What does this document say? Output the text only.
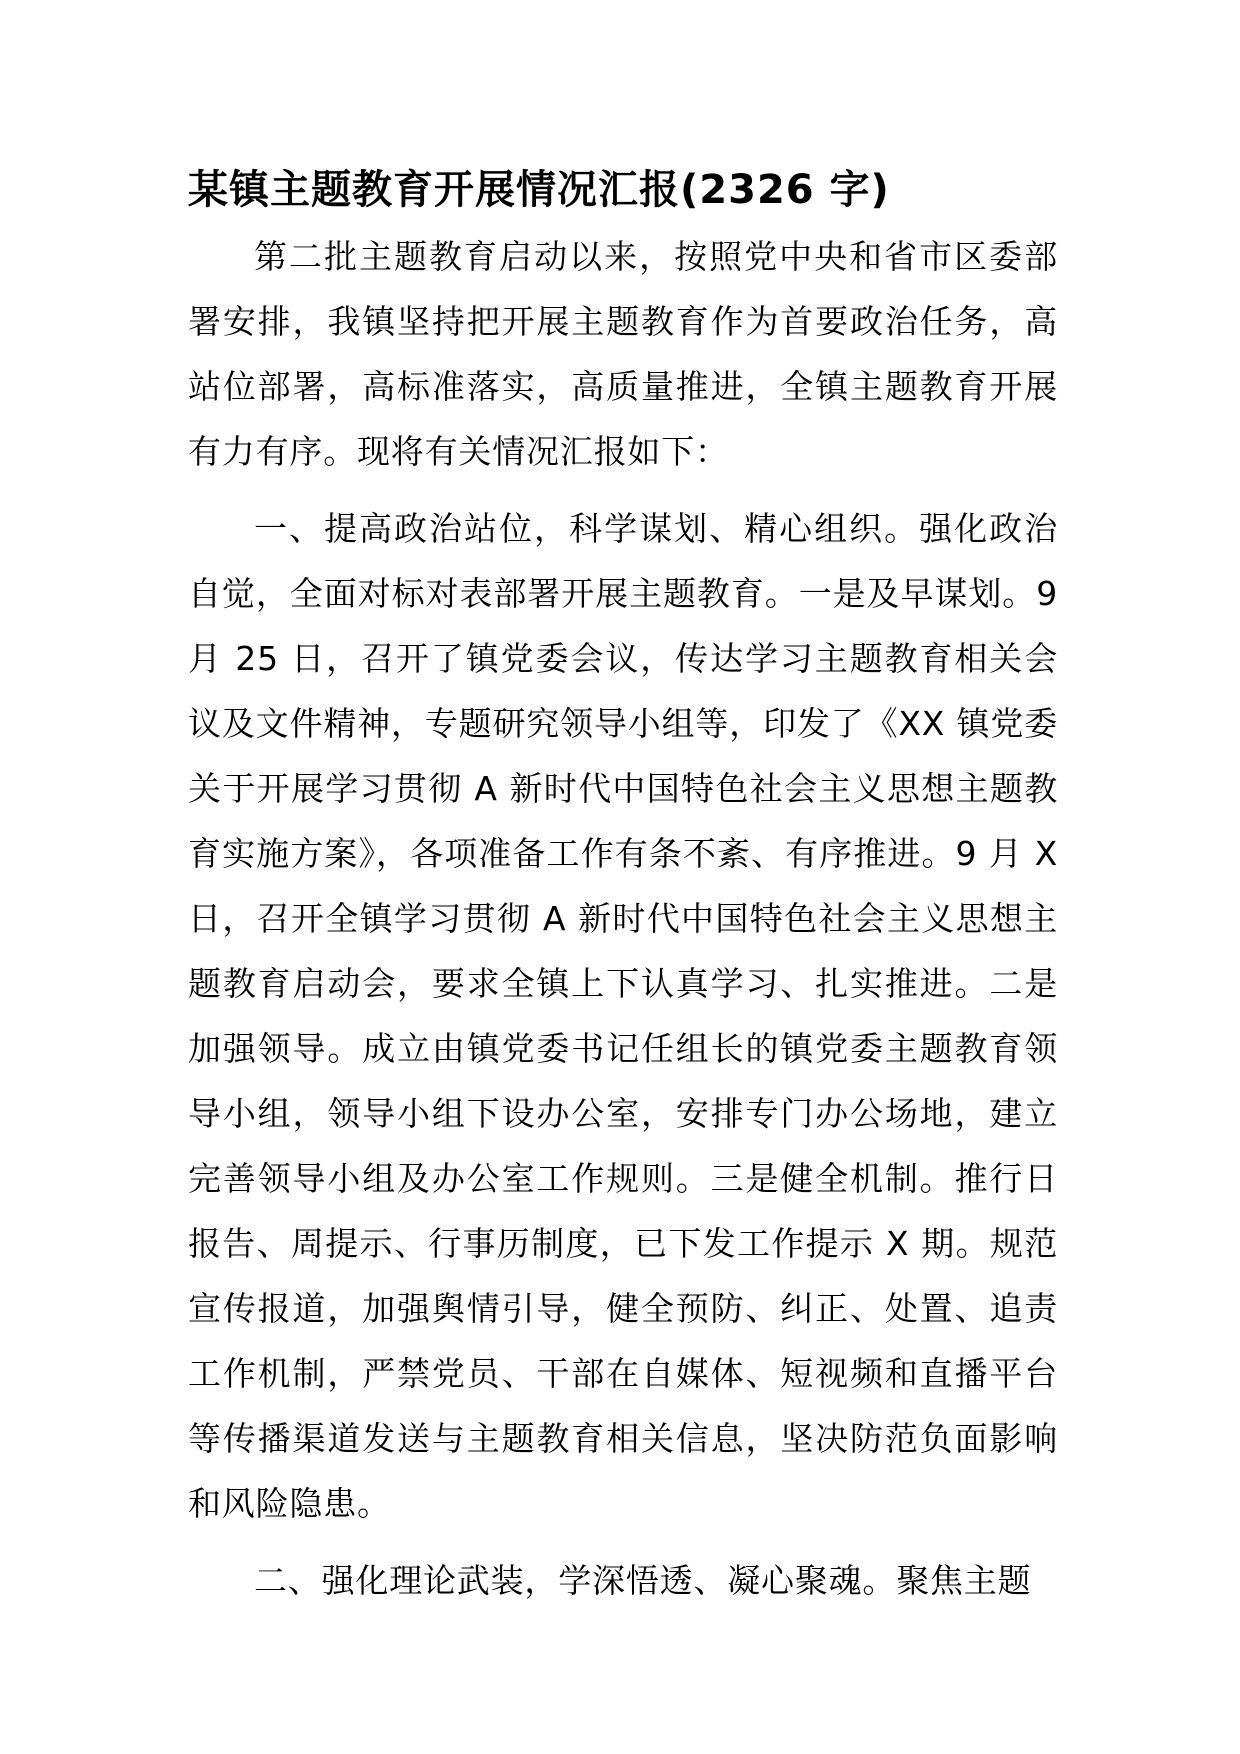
某镇主题教育开展情况汇报(2326 字)

第二批主题教育启动以来，按照党中央和省市区委部署安排，我镇坚持把开展主题教育作为首要政治任务，高站位部署，高标准落实，高质量推进，全镇主题教育开展有力有序。现将有关情况汇报如下：

一、提高政治站位，科学谋划、精心组织。强化政治自觉，全面对标对表部署开展主题教育。一是及早谋划。9月 25 日，召开了镇党委会议，传达学习主题教育相关会议及文件精神，专题研究领导小组等，印发了《XX 镇党委关于开展学习贯彻 A 新时代中国特色社会主义思想主题教育实施方案》，各项准备工作有条不紊、有序推进。9 月 X日，召开全镇学习贯彻 A 新时代中国特色社会主义思想主题教育启动会，要求全镇上下认真学习、扎实推进。二是加强领导。成立由镇党委书记任组长的镇党委主题教育领导小组，领导小组下设办公室，安排专门办公场地，建立完善领导小组及办公室工作规则。三是健全机制。推行日报告、周提示、行事历制度，已下发工作提示 X 期。规范宣传报道，加强舆情引导，健全预防、纠正、处置、追责工作机制，严禁党员、干部在自媒体、短视频和直播平台等传播渠道发送与主题教育相关信息，坚决防范负面影响和风险隐患。

二、强化理论武装，学深悟透、凝心聚魂。聚焦主题
